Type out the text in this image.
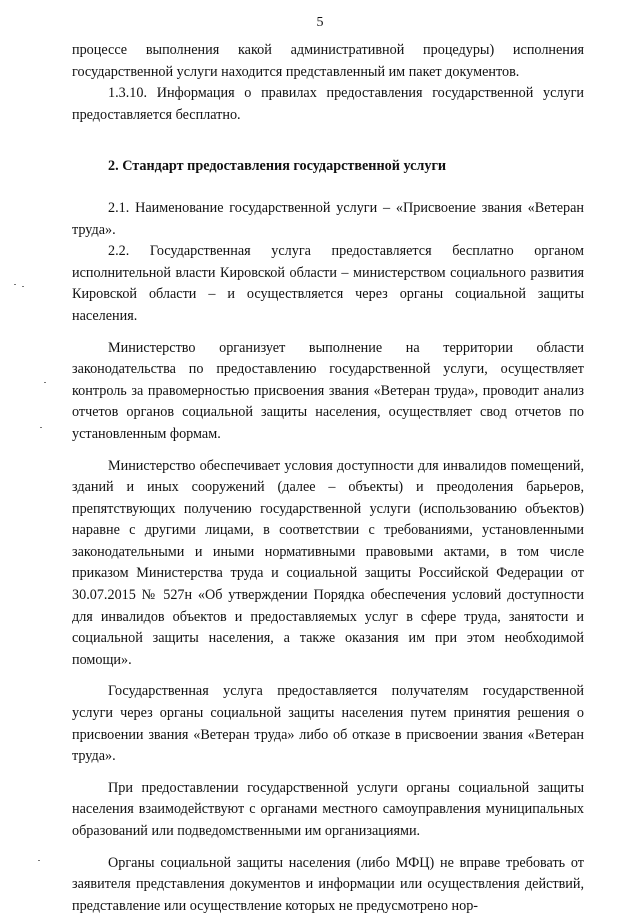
5

процессе выполнения какой административной процедуры) исполнения государственной услуги находится представленный им пакет документов.

1.3.10. Информация о правилах предоставления государственной услуги предоставляется бесплатно.

2. Стандарт предоставления государственной услуги

2.1. Наименование государственной услуги – «Присвоение звания «Ветеран труда».

2.2. Государственная услуга предоставляется бесплатно органом исполнительной власти Кировской области – министерством социального развития Кировской области – и осуществляется через органы социальной защиты населения.

Министерство организует выполнение на территории области законодательства по предоставлению государственной услуги, осуществляет контроль за правомерностью присвоения звания «Ветеран труда», проводит анализ отчетов органов социальной защиты населения, осуществляет свод отчетов по установленным формам.

Министерство обеспечивает условия доступности для инвалидов помещений, зданий и иных сооружений (далее – объекты) и преодоления барьеров, препятствующих получению государственной услуги (использованию объектов) наравне с другими лицами, в соответствии с требованиями, установленными законодательными и иными нормативными правовыми актами, в том числе приказом Министерства труда и социальной защиты Российской Федерации от 30.07.2015 № 527н «Об утверждении Порядка обеспечения условий доступности для инвалидов объектов и предоставляемых услуг в сфере труда, занятости и социальной защиты населения, а также оказания им при этом необходимой помощи».

Государственная услуга предоставляется получателям государственной услуги через органы социальной защиты населения путем принятия решения о присвоении звания «Ветеран труда» либо об отказе в присвоении звания «Ветеран труда».

При предоставлении государственной услуги органы социальной защиты населения взаимодействуют с органами местного самоуправления муниципальных образований или подведомственными им организациями.

Органы социальной защиты населения (либо МФЦ) не вправе требовать от заявителя представления документов и информации или осуществления действий, представление или осуществление которых не предусмотрено нор-
